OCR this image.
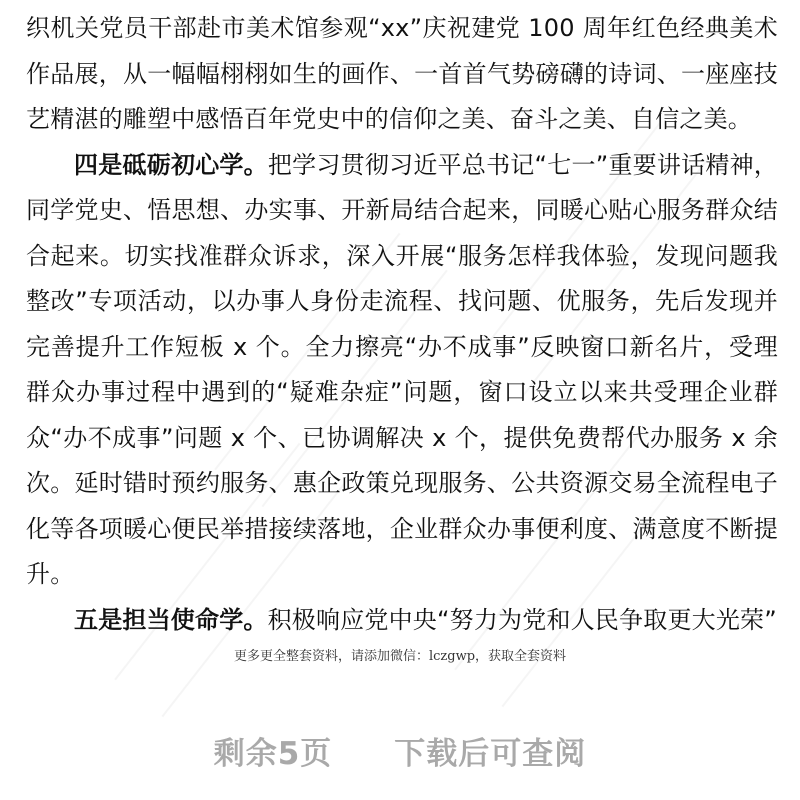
织机关党员干部赴市美术馆参观“xx”庆祝建党 100 周年红色经典美术作品展，从一幅幅栩栩如生的画作、一首首气势磅礴的诗词、一座座技艺精湛的雕塑中感悟百年党史中的信仰之美、奋斗之美、自信之美。

四是砥砺初心学。把学习贯彻习近平总书记“七一”重要讲话精神，同学党史、悟思想、办实事、开新局结合起来，同暖心贴心服务群众结合起来。切实找准群众诉求，深入开展“服务怎样我体验，发现问题我整改”专项活动，以办事人身份走流程、找问题、优服务，先后发现并完善提升工作短板 x 个。全力擦亮“办不成事”反映窗口新名片，受理群众办事过程中遇到的“疑难杂症”问题，窗口设立以来共受理企业群众“办不成事”问题 x 个、已协调解决 x 个，提供免费帮代办服务 x 余次。延时错时预约服务、惠企政策兑现服务、公共资源交易全流程电子化等各项暖心便民举措接续落地，企业群众办事便利度、满意度不断提升。

五是担当使命学。积极响应党中央“努力为党和人民争取更大光荣”

更多更全整套资料，请添加微信：lczgwp，获取全套资料
剩余5页 下载后可查阅
